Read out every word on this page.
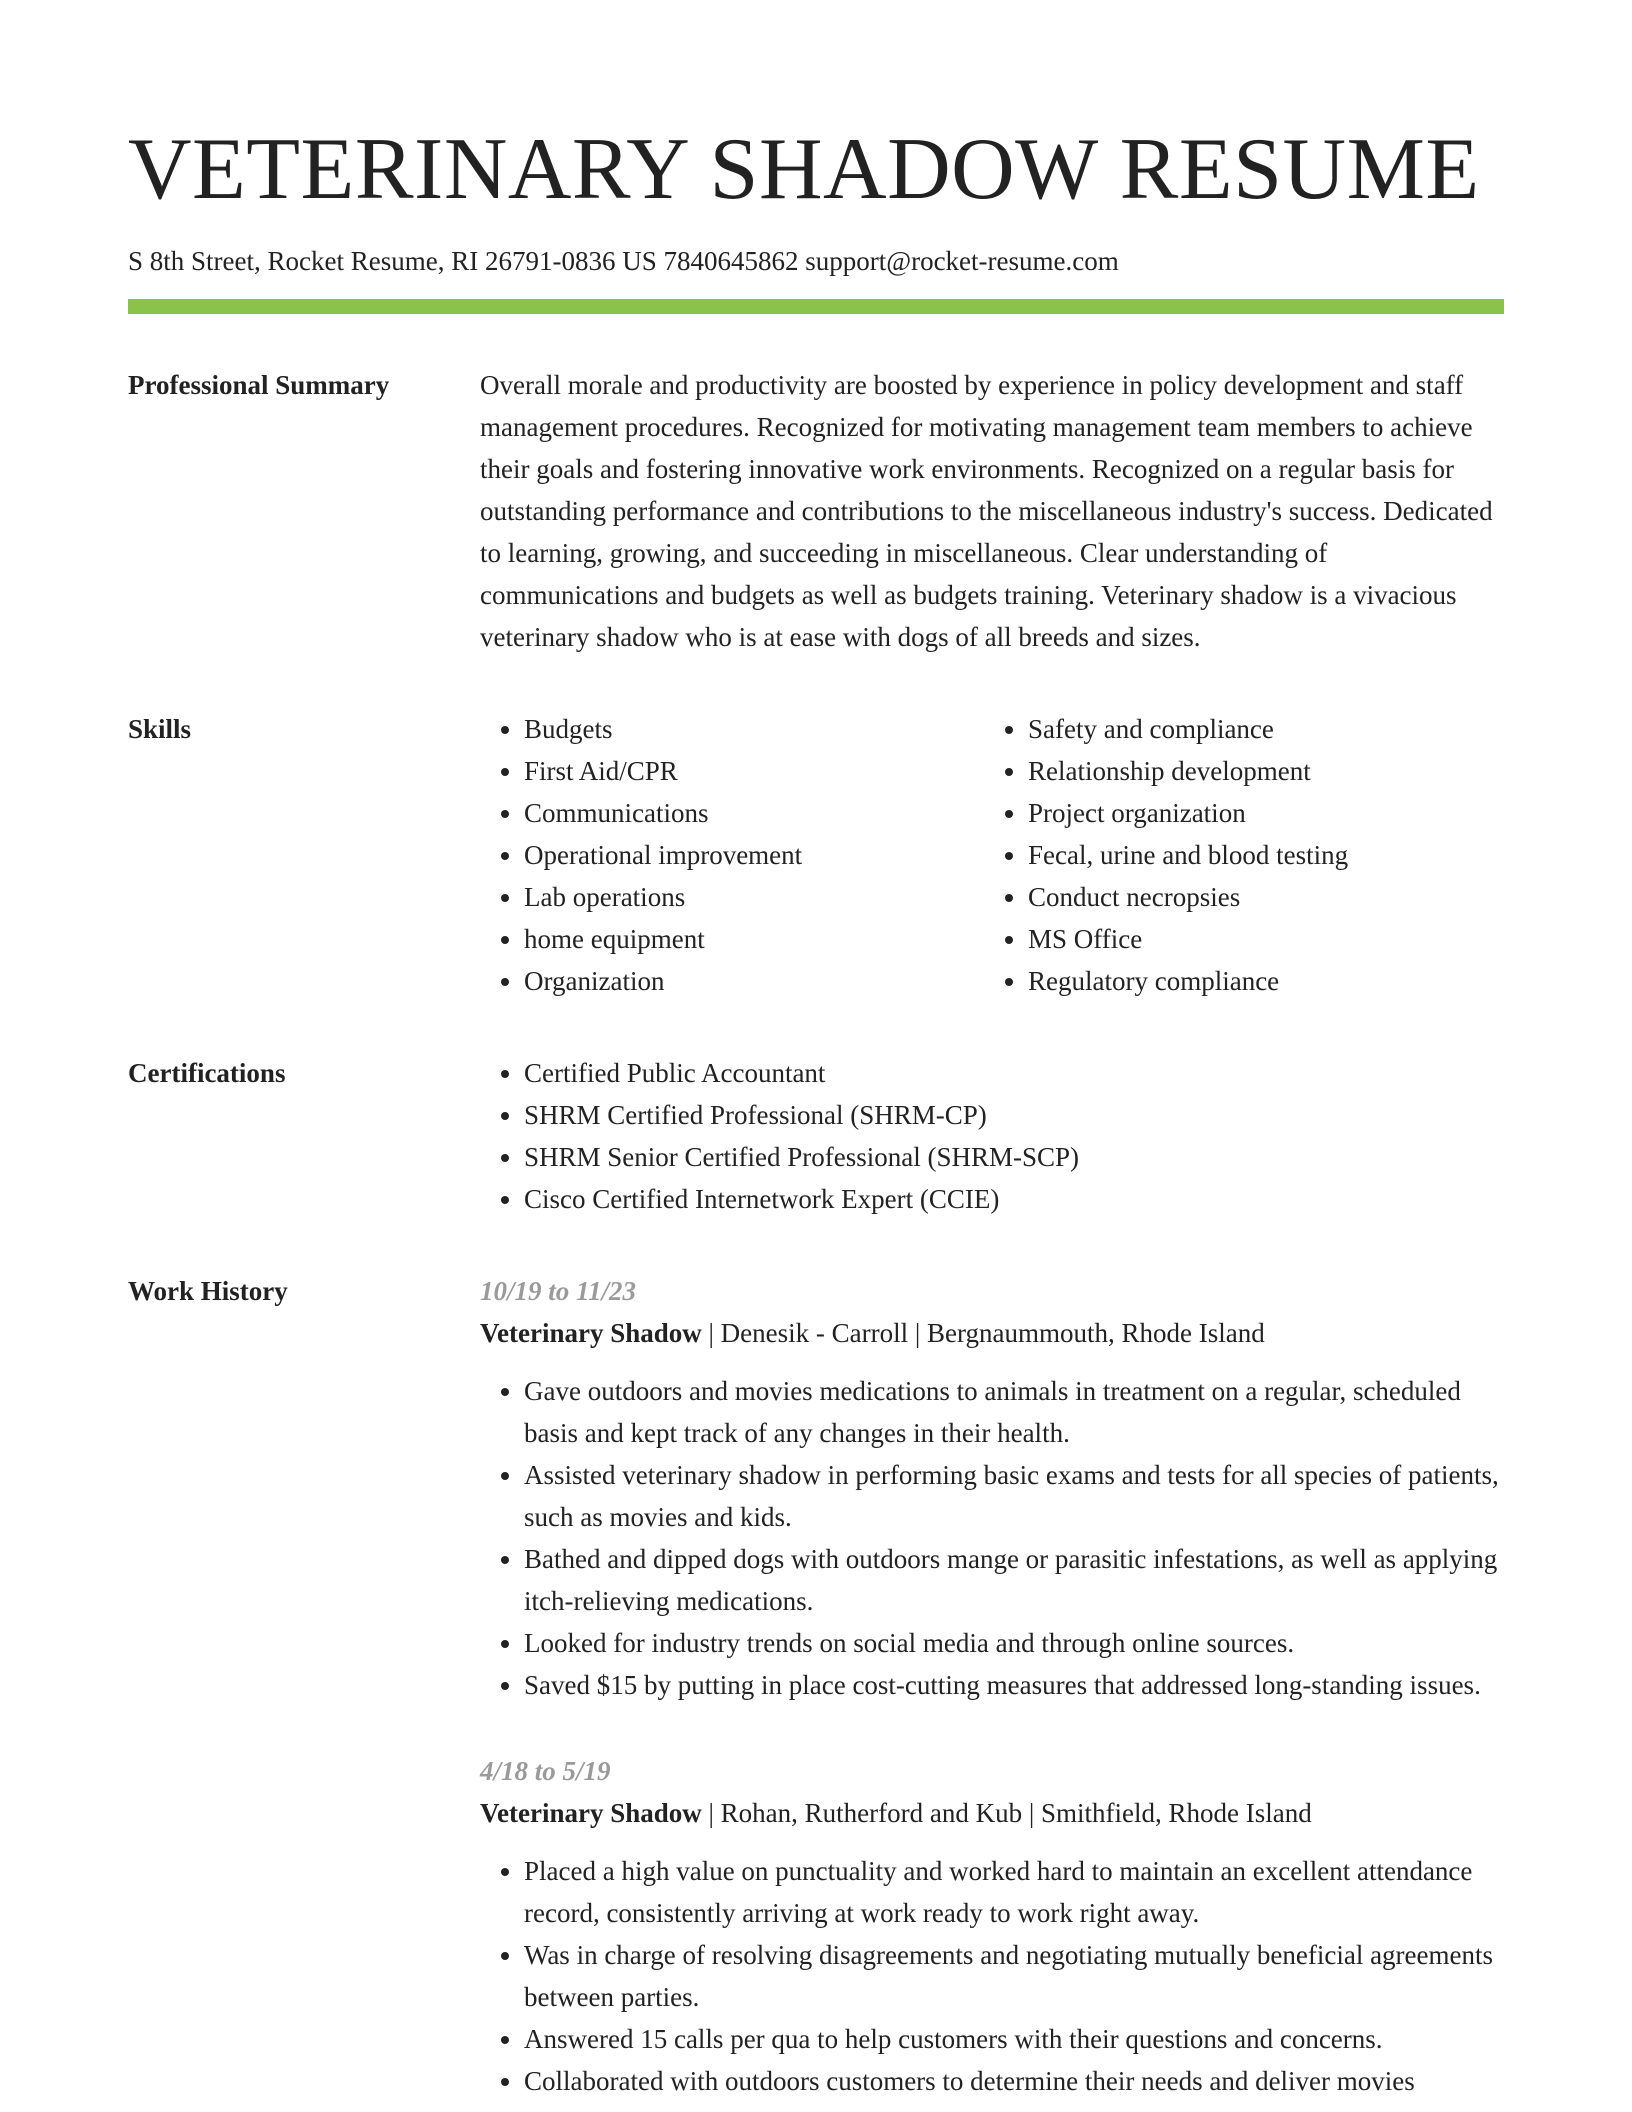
VETERINARY SHADOW RESUME
S 8th Street, Rocket Resume, RI 26791-0836 US 7840645862 support@rocket-resume.com
Professional Summary	Overall morale and productivity are boosted by experience in policy development and staff management procedures. Recognized for motivating management team members to achieve their goals and fostering innovative work environments. Recognized on a regular basis for outstanding performance and contributions to the miscellaneous industry's success. Dedicated to learning, growing, and succeeding in miscellaneous. Clear understanding of communications and budgets as well as budgets training. Veterinary shadow is a vivacious veterinary shadow who is at ease with dogs of all breeds and sizes.

Skills	• Budgets
• First Aid/CPR
• Communications
• Operational improvement
• Lab operations
• home equipment
• Organization
• Safety and compliance
• Relationship development
• Project organization
• Fecal, urine and blood testing
• Conduct necropsies
• MS Office
• Regulatory compliance
Certifications	• Certified Public Accountant
• SHRM Certified Professional (SHRM-CP)
• SHRM Senior Certified Professional (SHRM-SCP)
• Cisco Certified Internetwork Expert (CCIE)
Work History	10/19 to 11/23
Veterinary Shadow | Denesik - Carroll | Bergnaummouth, Rhode Island
• Gave outdoors and movies medications to animals in treatment on a regular, scheduled basis and kept track of any changes in their health.
• Assisted veterinary shadow in performing basic exams and tests for all species of patients, such as movies and kids.
• Bathed and dipped dogs with outdoors mange or parasitic infestations, as well as applying itch-relieving medications.
• Looked for industry trends on social media and through online sources.
• Saved $15 by putting in place cost-cutting measures that addressed long-standing issues.
4/18 to 5/19
Veterinary Shadow | Rohan, Rutherford and Kub | Smithfield, Rhode Island
• Placed a high value on punctuality and worked hard to maintain an excellent attendance record, consistently arriving at work ready to work right away.
• Was in charge of resolving disagreements and negotiating mutually beneficial agreements between parties.
• Answered 15 calls per qua to help customers with their questions and concerns.
• Collaborated with outdoors customers to determine their needs and deliver movies
